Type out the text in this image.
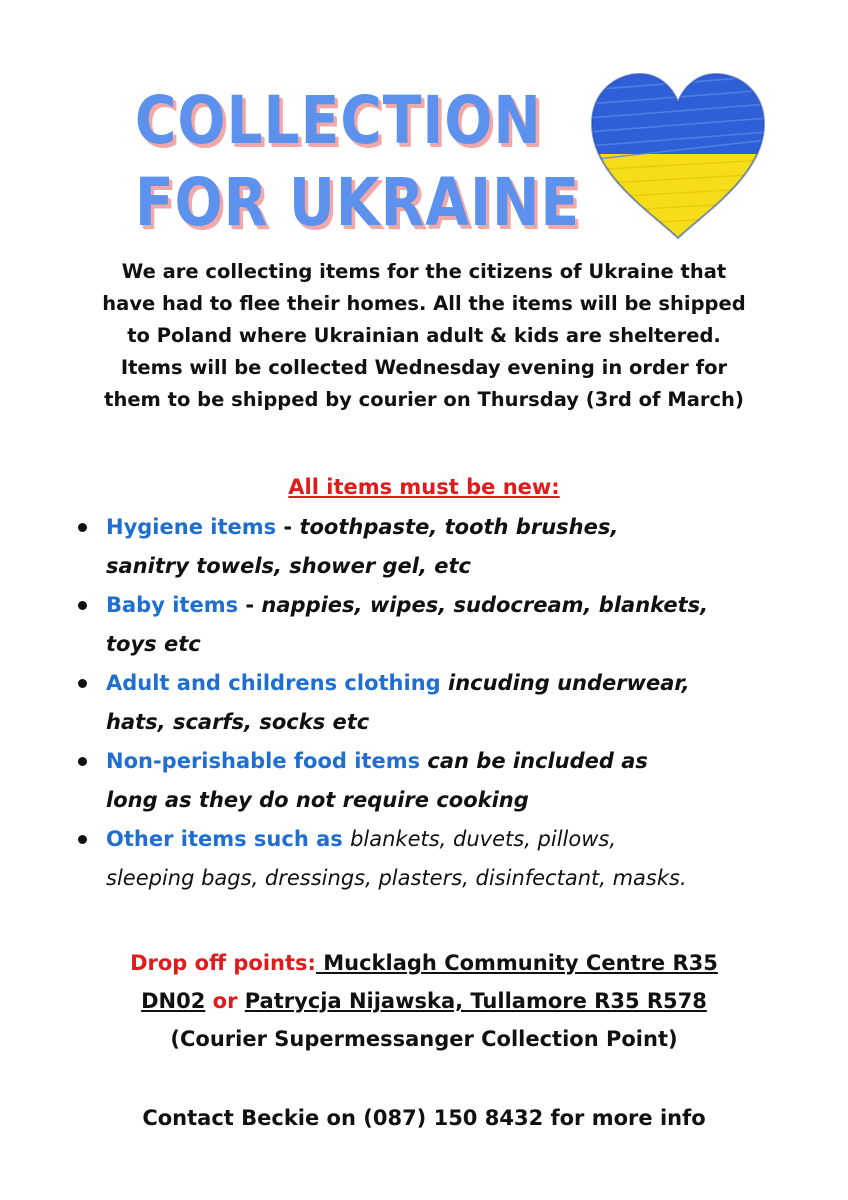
COLLECTION
FOR UKRAINE
We are collecting items for the citizens of Ukraine that
have had to flee their homes. All the items will be shipped
to Poland where Ukrainian adult & kids are sheltered.
Items will be collected Wednesday evening in order for
them to be shipped by courier on Thursday (3rd of March)
All items must be new:
Hygiene items - toothpaste, tooth brushes,
sanitry towels, shower gel, etc
Baby items - nappies, wipes, sudocream, blankets,
toys etc
Adult and childrens clothing incuding underwear,
hats, scarfs, socks etc
Non-perishable food items can be included as
long as they do not require cooking
Other items such as blankets, duvets, pillows,
sleeping bags, dressings, plasters, disinfectant, masks.
Drop off points: Mucklagh Community Centre R35
DN02 or Patrycja Nijawska, Tullamore R35 R578
(Courier Supermessanger Collection Point)
Contact Beckie on (087) 150 8432 for more info
